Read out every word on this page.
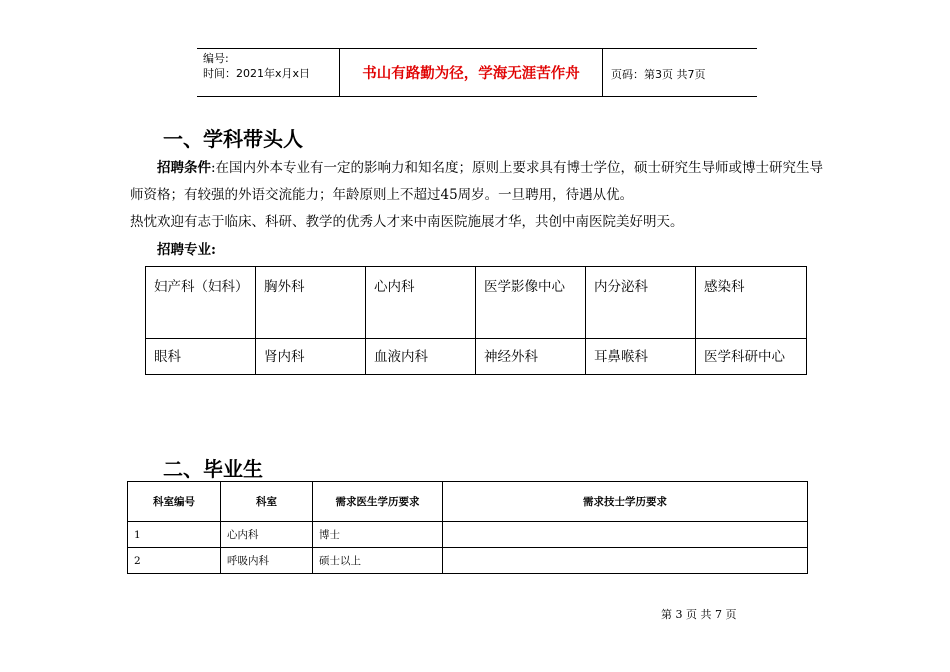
编号:
时间：2021年x月x日	书山有路勤为径，学海无涯苦作舟	页码：第3页 共7页
一、学科带头人

招聘条件:在国内外本专业有一定的影响力和知名度；原则上要求具有博士学位，硕士研究生导师或博士研究生导师资格；有较强的外语交流能力；年龄原则上不超过45周岁。一旦聘用，待遇从优。

热忱欢迎有志于临床、科研、教学的优秀人才来中南医院施展才华，共创中南医院美好明天。

招聘专业:
妇产科（妇科）	胸外科	心内科	医学影像中心	内分泌科	感染科
眼科	肾内科	血液内科	神经外科	耳鼻喉科	医学科研中心
二、毕业生
科室编号	科室	需求医生学历要求	需求技士学历要求
1	心内科	博士	
2	呼吸内科	硕士以上	
第 3 页 共 7 页
